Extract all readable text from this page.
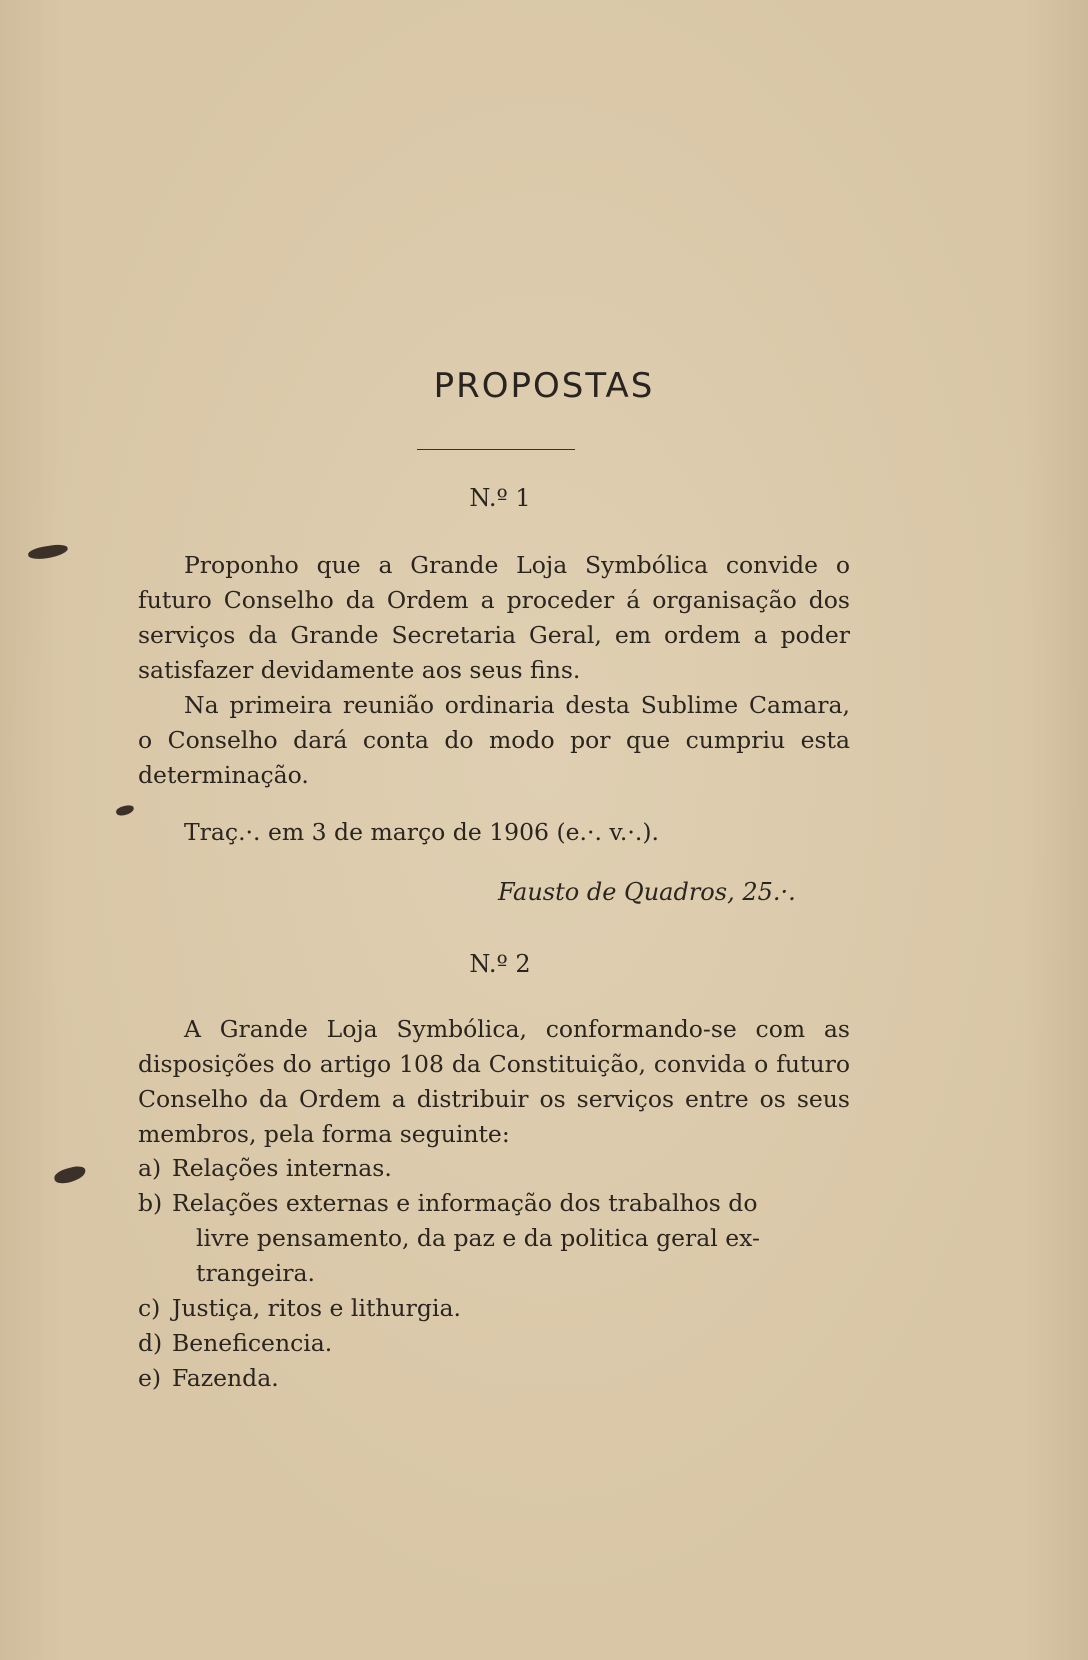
PROPOSTAS
N.º 1
Proponho que a Grande Loja Symbólica convide o futuro Conselho da Ordem a proceder á organisação dos serviços da Grande Secretaria Geral, em ordem a poder satisfazer devidamente aos seus fins.
Na primeira reunião ordinaria desta Sublime Camara, o Conselho dará conta do modo por que cumpriu esta determinação.
Traç.·. em 3 de março de 1906 (e.·. v.·.).
Fausto de Quadros, 25.·.
N.º 2
A Grande Loja Symbólica, conformando-se com as disposições do artigo 108 da Constituição, convida o futuro Conselho da Ordem a distribuir os serviços entre os seus membros, pela forma seguinte:
a) Relações internas.
b) Relações externas e informação dos trabalhos do
livre pensamento, da paz e da politica geral ex-
trangeira.
c) Justiça, ritos e lithurgia.
d) Beneficencia.
e) Fazenda.
